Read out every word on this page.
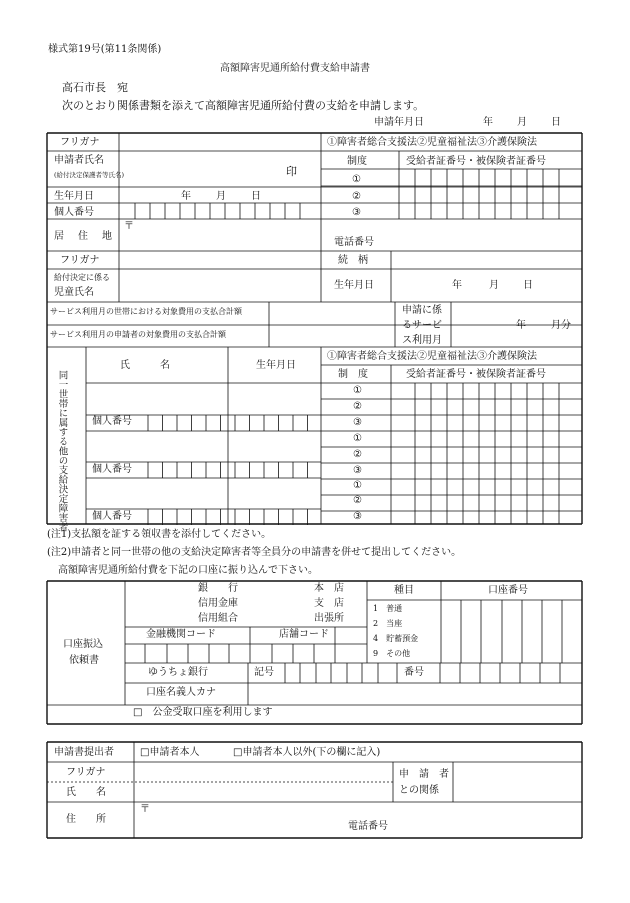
様式第19号(第11条関係)
高額障害児通所給付費支給申請書
高石市長　宛
次のとおり関係書類を添えて高額障害児通所給付費の支給を申請します。
申請年月日	年 月 日
フリガナ	①障害者総合支援法②児童福祉法③介護保険法
申請者氏名
(給付決定保護者等氏名)	印
制度	受給者証番号・被保険者証番号
①
②
③
生年月日	年	月	日
個人番号
居住地
〒
電話番号
フリガナ	続　柄
給付決定に係る
児童氏名
生年月日	年	月 日
サービス利用月の世帯における対象費用の支払合計額
サービス利用月の申請者の対象費用の支払合計額
申請に係
るサービ
ス利用月
年	月分
同一世帯に属する他の支給決定障害者
氏　　　名	生年月日
①障害者総合支援法②児童福祉法③介護保険法
制　度	受給者証番号・被保険者証番号
①
②
③
個人番号
①
②
③
個人番号
①
②
③
個人番号
(注1)支払額を証する領収書を添付してください。
(注2)申請者と同一世帯の他の支給決定障害者等全員分の申請書を併せて提出してください。
高額障害児通所給付費を下記の口座に振り込んで下さい。
口座振込
依頼書
銀　　行
信用金庫
信用組合
本　店
支　店
出張所
種目	口座番号
1　普通
2　当座
4　貯蓄預金
9　その他
金融機関コード	店舗コード
ゆうちょ銀行	記号	番号
口座名義人カナ
□　公金受取口座を利用します
申請書提出者	□申請者本人	□申請者本人以外(下の欄に記入)
フリガナ
氏　　名
申　請　者
との関係
住　　所
〒
電話番号
